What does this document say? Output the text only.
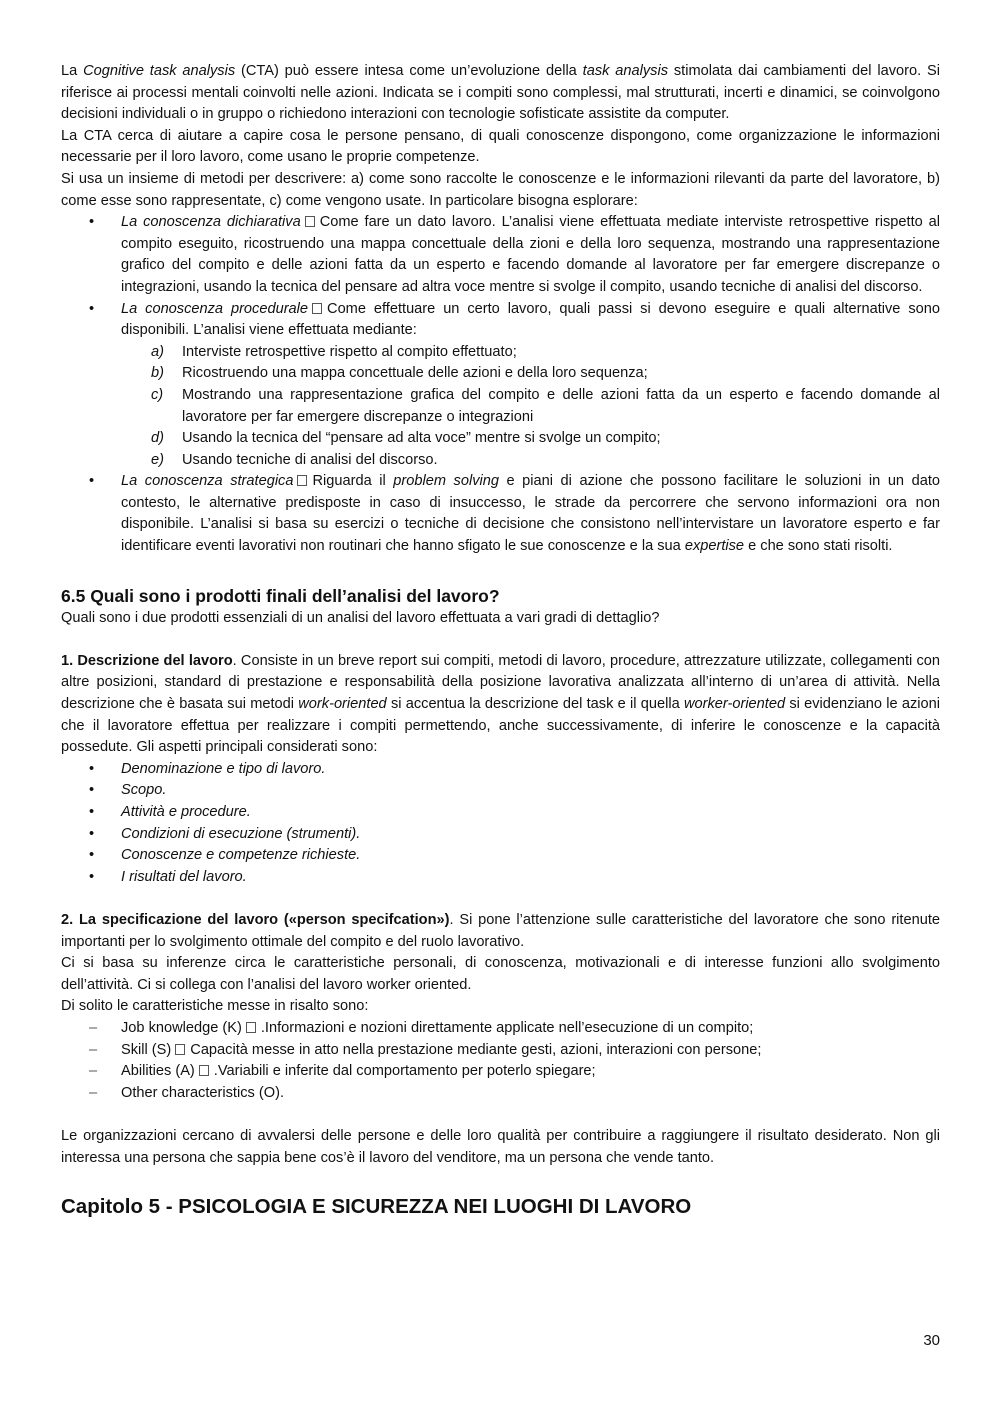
La Cognitive task analysis (CTA) può essere intesa come un’evoluzione della task analysis stimolata dai cambiamenti del lavoro. Si riferisce ai processi mentali coinvolti nelle azioni. Indicata se i compiti sono complessi, mal strutturati, incerti e dinamici, se coinvolgono decisioni individuali o in gruppo o richiedono interazioni con tecnologie sofisticate assistite da computer.

La CTA cerca di aiutare a capire cosa le persone pensano, di quali conoscenze dispongono, come organizzazione le informazioni necessarie per il loro lavoro, come usano le proprie competenze.

Si usa un insieme di metodi per descrivere: a) come sono raccolte le conoscenze e le informazioni rilevanti da parte del lavoratore, b) come esse sono rappresentate, c) come vengono usate. In particolare bisogna esplorare:

• La conoscenza dichiarativa Come fare un dato lavoro. L’analisi viene effettuata mediate interviste retrospettive rispetto al compito eseguito, ricostruendo una mappa concettuale della zioni e della loro sequenza, mostrando una rappresentazione grafico del compito e delle azioni fatta da un esperto e facendo domande al lavoratore per far emergere discrepanze o integrazioni, usando la tecnica del pensare ad altra voce mentre si svolge il compito, usando tecniche di analisi del discorso.
• La conoscenza procedurale Come effettuare un certo lavoro, quali passi si devono eseguire e quali alternative sono disponibili. L’analisi viene effettuata mediante:
a) Interviste retrospettive rispetto al compito effettuato;
b) Ricostruendo una mappa concettuale delle azioni e della loro sequenza;
c) Mostrando una rappresentazione grafica del compito e delle azioni fatta da un esperto e facendo domande al lavoratore per far emergere discrepanze o integrazioni
d) Usando la tecnica del “pensare ad alta voce” mentre si svolge un compito;
e) Usando tecniche di analisi del discorso.
• La conoscenza strategica Riguarda il problem solving e piani di azione che possono facilitare le soluzioni in un dato contesto, le alternative predisposte in caso di insuccesso, le strade da percorrere che servono informazioni ora non disponibile. L’analisi si basa su esercizi o tecniche di decisione che consistono nell’intervistare un lavoratore esperto e far identificare eventi lavorativi non routinari che hanno sfigato le sue conoscenze e la sua expertise e che sono stati risolti.
6.5 Quali sono i prodotti finali dell’analisi del lavoro?

Quali sono i due prodotti essenziali di un analisi del lavoro effettuata a vari gradi di dettaglio?

1. Descrizione del lavoro. Consiste in un breve report sui compiti, metodi di lavoro, procedure, attrezzature utilizzate, collegamenti con altre posizioni, standard di prestazione e responsabilità della posizione lavorativa analizzata all’interno di un’area di attività. Nella descrizione che è basata sui metodi work-oriented si accentua la descrizione del task e il quella worker-oriented si evidenziano le azioni che il lavoratore effettua per realizzare i compiti permettendo, anche successivamente, di inferire le conoscenze e la capacità possedute. Gli aspetti principali considerati sono:

• Denominazione e tipo di lavoro.
• Scopo.
• Attività e procedure.
• Condizioni di esecuzione (strumenti).
• Conoscenze e competenze richieste.
• I risultati del lavoro.

2. La specificazione del lavoro («person specifcation»). Si pone l’attenzione sulle caratteristiche del lavoratore che sono ritenute importanti per lo svolgimento ottimale del compito e del ruolo lavorativo.

Ci si basa su inferenze circa le caratteristiche personali, di conoscenza, motivazionali e di interesse funzioni allo svolgimento dell’attività. Ci si collega con l’analisi del lavoro worker oriented.

Di solito le caratteristiche messe in risalto sono:

– Job knowledge (K) .Informazioni e nozioni direttamente applicate nell’esecuzione di un compito;
– Skill (S) Capacità messe in atto nella prestazione mediante gesti, azioni, interazioni con persone;
– Abilities (A) .Variabili e inferite dal comportamento per poterlo spiegare;
– Other characteristics (O).

Le organizzazioni cercano di avvalersi delle persone e delle loro qualità per contribuire a raggiungere il risultato desiderato. Non gli interessa una persona che sappia bene cos’è il lavoro del venditore, ma un persona che vende tanto.

Capitolo 5 - PSICOLOGIA E SICUREZZA NEI LUOGHI DI LAVORO
30
